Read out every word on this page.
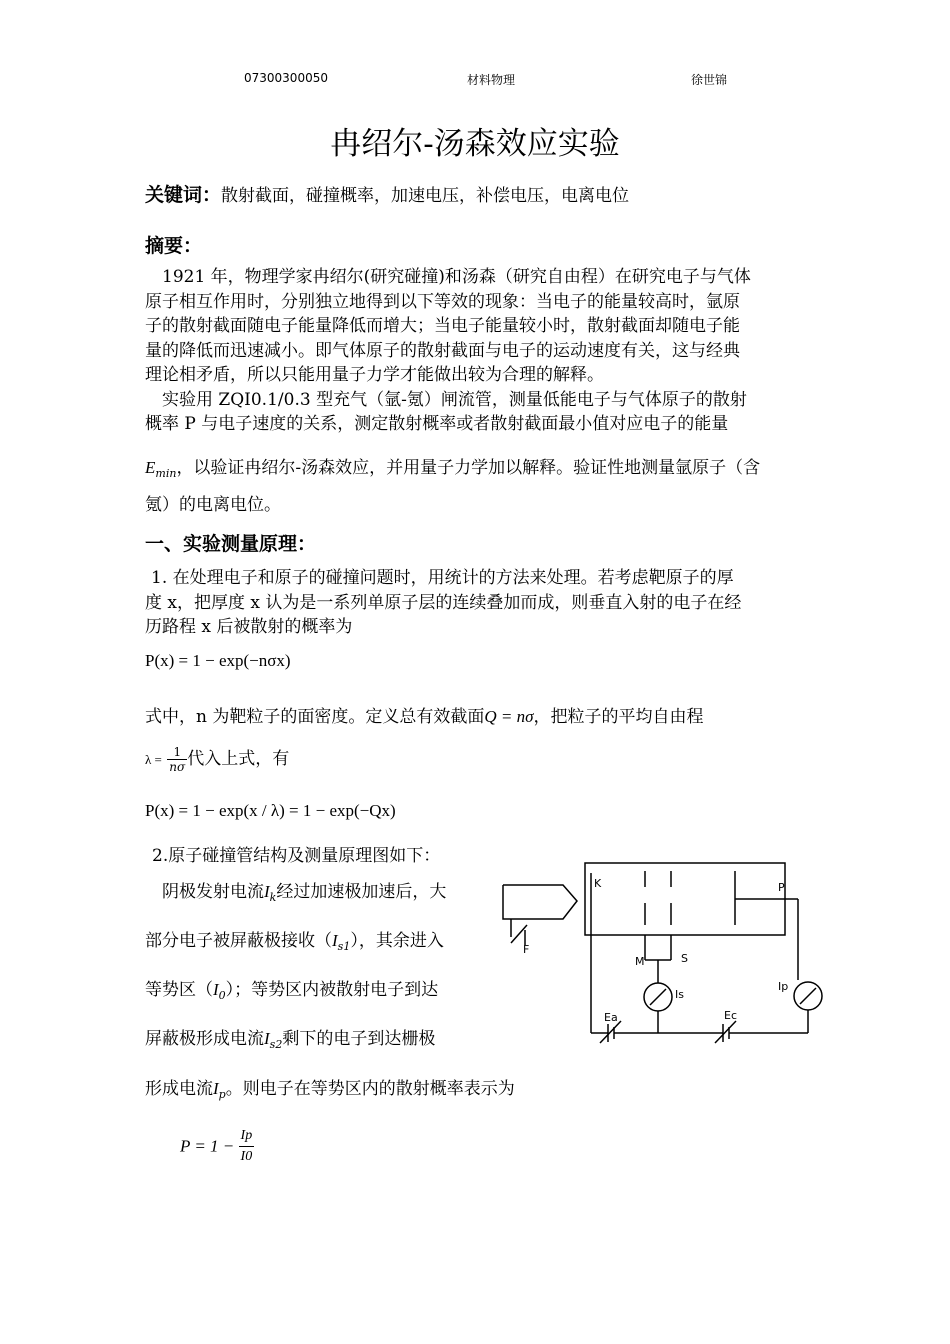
07300300050	材料物理	徐世锦
冉绍尔-汤森效应实验
关键词：散射截面，碰撞概率，加速电压，补偿电压，电离电位
摘要：
1921 年，物理学家冉绍尔(研究碰撞)和汤森（研究自由程）在研究电子与气体
原子相互作用时，分别独立地得到以下等效的现象：当电子的能量较高时，氩原
子的散射截面随电子能量降低而增大；当电子能量较小时，散射截面却随电子能
量的降低而迅速减小。即气体原子的散射截面与电子的运动速度有关，这与经典
理论相矛盾，所以只能用量子力学才能做出较为合理的解释。
实验用 ZQI0.1/0.3 型充气（氩-氪）闸流管，测量低能电子与气体原子的散射
概率 P 与电子速度的关系，测定散射概率或者散射截面最小值对应电子的能量
$E_{min}$，以验证冉绍尔-汤森效应，并用量子力学加以解释。验证性地测量氩原子（含
氪）的电离电位。
一、实验测量原理：
1. 在处理电子和原子的碰撞问题时，用统计的方法来处理。若考虑靶原子的厚
度 x，把厚度 x 认为是一系列单原子层的连续叠加而成，则垂直入射的电子在经
历路程 x 后被散射的概率为
P(x) = 1 − exp(−nσx)
式中，n 为靶粒子的面密度。定义总有效截面Q = nσ，把粒子的平均自由程
$\lambda = \frac{1}{n\sigma}$ 代入上式，有
P(x) = 1 − exp(x / λ) = 1 − exp(−Qx)
2.原子碰撞管结构及测量原理图如下：
阴极发射电流$I_k$经过加速极加速后，大
部分电子被屏蔽极接收$(I_{s1})$，其余进入
等势区$(I_0)$；等势区内被散射电子到达
屏蔽极形成电流$I_{s2}$剩下的电子到达栅极
形成电流$I_p$。则电子在等势区内的散射概率表示为
$P = 1 - \frac{Ip}{I0}$
K	P
F
M	S
Is
Ip
Ea	Ec
